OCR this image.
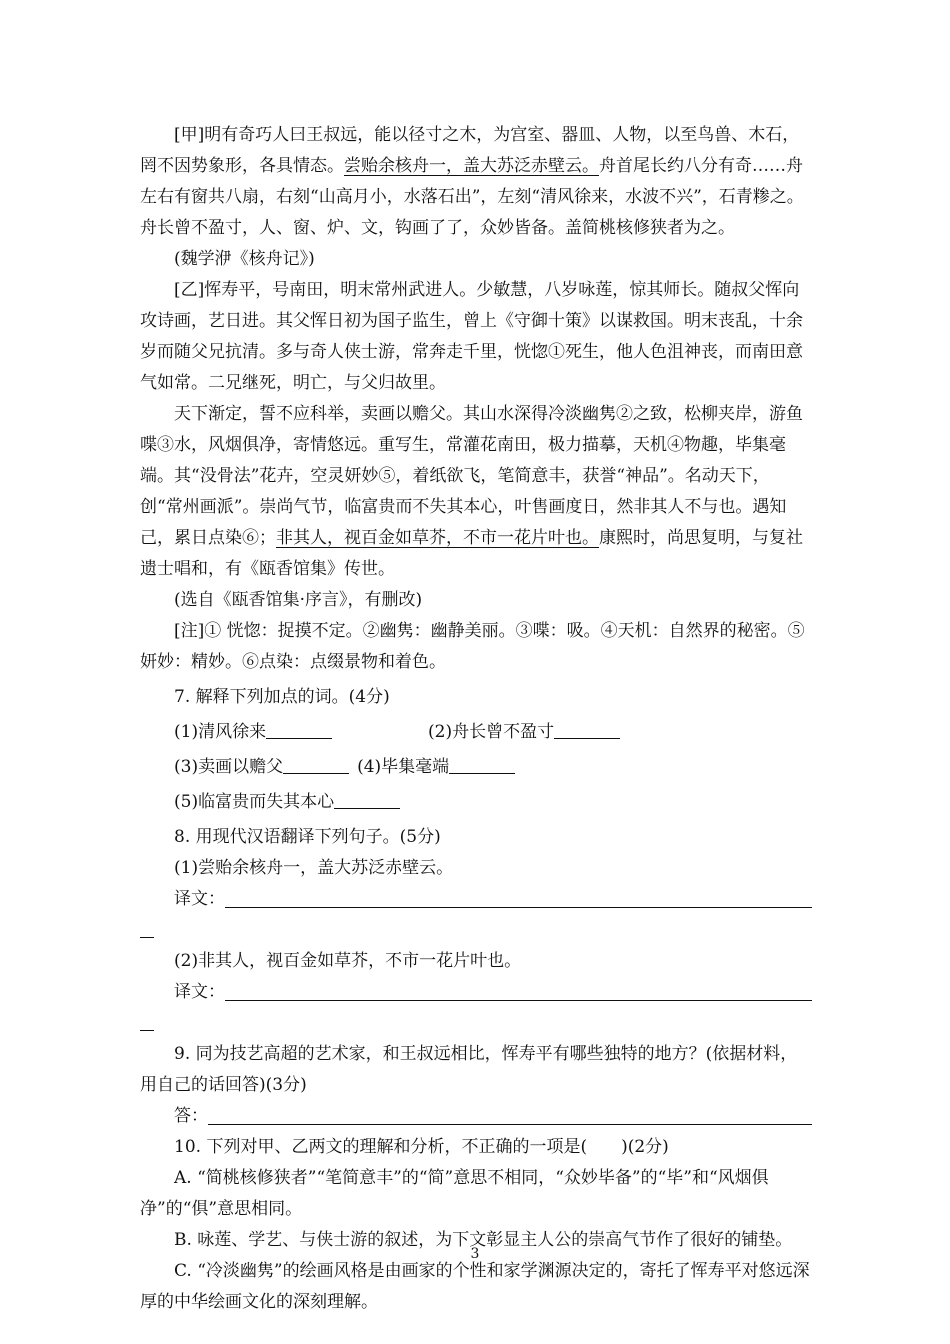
[甲]明有奇巧人曰王叔远，能以径寸之木，为宫室、器皿、人物，以至鸟兽、木石，罔不因势象形，各具情态。尝贻余核舟一，盖大苏泛赤壁云。舟首尾长约八分有奇……舟左右有窗共八扇，右刻“山高月小，水落石出”，左刻“清风徐来，水波不兴”，石青糁之。舟长曾不盈寸，人、窗、炉、文，钩画了了，众妙皆备。盖简桃核修狭者为之。

(魏学洢《核舟记》)

[乙]恽寿平，号南田，明末常州武进人。少敏慧，八岁咏莲，惊其师长。随叔父恽向攻诗画，艺日进。其父恽日初为国子监生，曾上《守御十策》以谋救国。明末丧乱，十余岁而随父兄抗清。多与奇人侠士游，常奔走千里，恍惚①死生，他人色沮神丧，而南田意气如常。二兄继死，明亡，与父归故里。

天下渐定，誓不应科举，卖画以赡父。其山水深得冷淡幽隽②之致，松柳夹岸，游鱼喋③水，风烟俱净，寄情悠远。重写生，常灌花南田，极力描摹，天机④物趣，毕集毫端。其“没骨法”花卉，空灵妍妙⑤，着纸欲飞，笔简意丰，获誉“神品”。名动天下，创“常州画派”。崇尚气节，临富贵而不失其本心，叶售画度日，然非其人不与也。遇知己，累日点染⑥；非其人，视百金如草芥，不市一花片叶也。康熙时，尚思复明，与复社遗士唱和，有《瓯香馆集》传世。

(选自《瓯香馆集·序言》，有删改)

[注]① 恍惚：捉摸不定。②幽隽：幽静美丽。③喋：吸。④天机：自然界的秘密。⑤妍妙：精妙。⑥点染：点缀景物和着色。

7. 解释下列加点的词。(4分)

(1)清风徐来	(2)舟长曾不盈寸
(3)卖画以赡父	(4)毕集毫端
(5)临富贵而失其本心

8. 用现代汉语翻译下列句子。(5分)

(1)尝贻余核舟一，盖大苏泛赤壁云。

译文：

(2)非其人，视百金如草芥，不市一花片叶也。

译文：

9. 同为技艺高超的艺术家，和王叔远相比，恽寿平有哪些独特的地方？(依据材料，用自己的话回答)(3分)

答：

10. 下列对甲、乙两文的理解和分析，不正确的一项是(　　)(2分)

A. “简桃核修狭者”“笔简意丰”的“简”意思不相同，“众妙毕备”的“毕”和“风烟俱净”的“俱”意思相同。

B. 咏莲、学艺、与侠士游的叙述，为下文彰显主人公的崇高气节作了很好的铺垫。

C. “冷淡幽隽”的绘画风格是由画家的个性和家学渊源决定的，寄托了恽寿平对悠远深厚的中华绘画文化的深刻理解。

3
